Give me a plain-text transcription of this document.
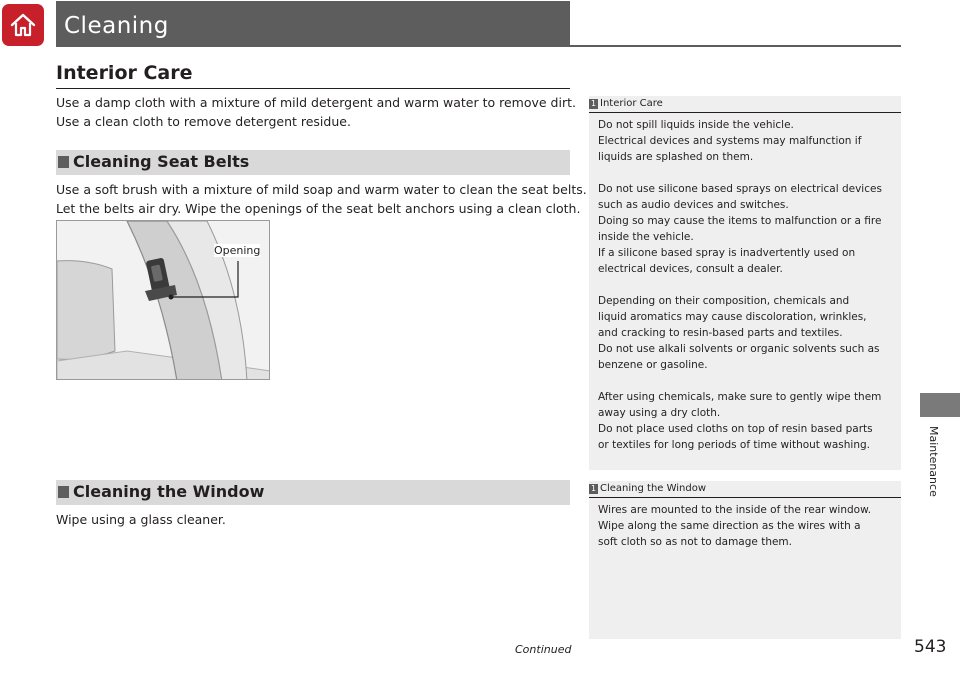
Cleaning
Interior Care
Use a damp cloth with a mixture of mild detergent and warm water to remove dirt.
Use a clean cloth to remove detergent residue.
Cleaning Seat Belts
Use a soft brush with a mixture of mild soap and warm water to clean the seat belts.
Let the belts air dry. Wipe the openings of the seat belt anchors using a clean cloth.
Opening
Cleaning the Window
Wipe using a glass cleaner.
1 Interior Care
Do not spill liquids inside the vehicle.
Electrical devices and systems may malfunction if
liquids are splashed on them.
Do not use silicone based sprays on electrical devices
such as audio devices and switches.
Doing so may cause the items to malfunction or a fire
inside the vehicle.
If a silicone based spray is inadvertently used on
electrical devices, consult a dealer.
Depending on their composition, chemicals and
liquid aromatics may cause discoloration, wrinkles,
and cracking to resin-based parts and textiles.
Do not use alkali solvents or organic solvents such as
benzene or gasoline.
After using chemicals, make sure to gently wipe them
away using a dry cloth.
Do not place used cloths on top of resin based parts
or textiles for long periods of time without washing.
1 Cleaning the Window
Wires are mounted to the inside of the rear window.
Wipe along the same direction as the wires with a
soft cloth so as not to damage them.
Maintenance
Continued	543
